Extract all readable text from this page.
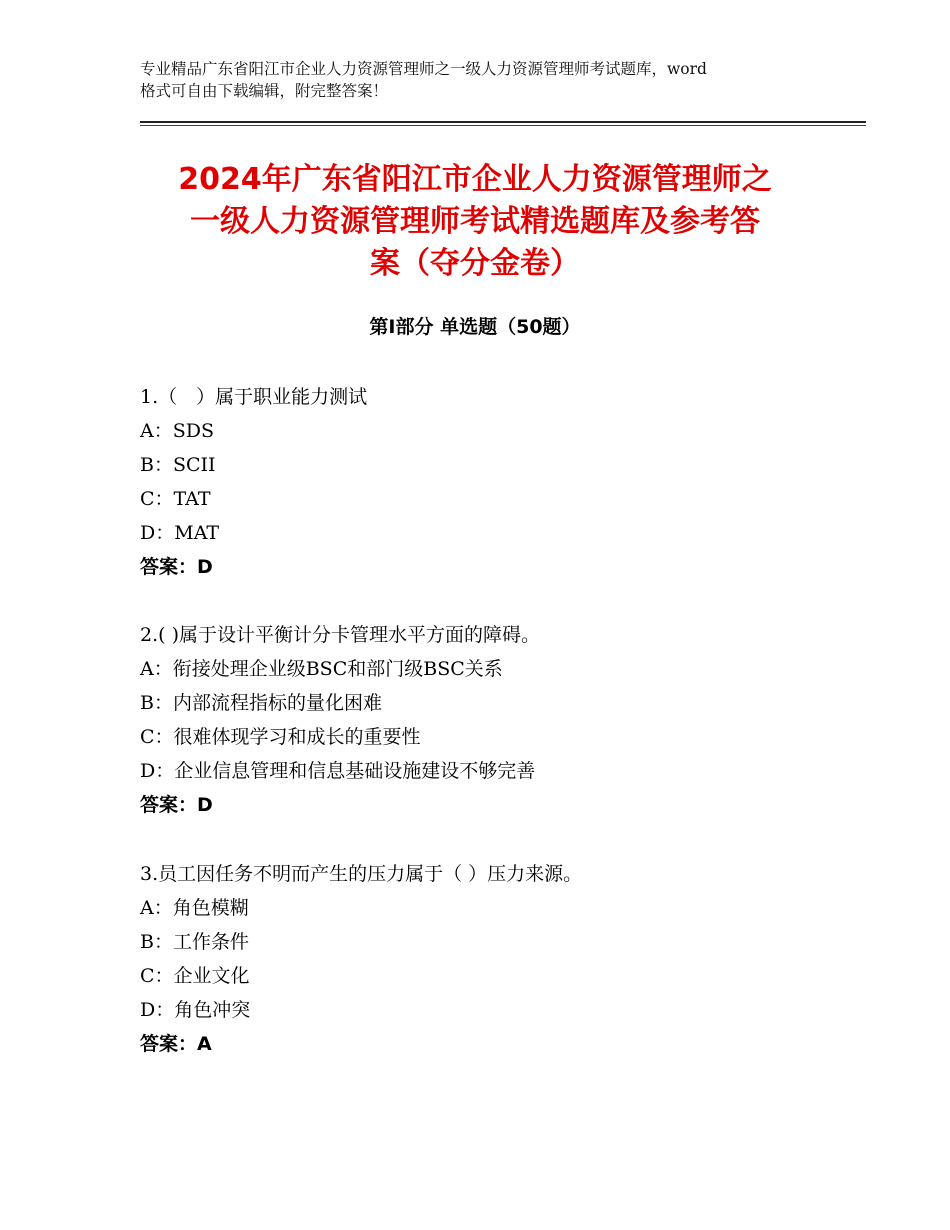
专业精品广东省阳江市企业人力资源管理师之一级人力资源管理师考试题库，word
格式可自由下载编辑，附完整答案！
2024年广东省阳江市企业人力资源管理师之
一级人力资源管理师考试精选题库及参考答
案（夺分金卷）
第Ⅰ部分 单选题（50题）
1.（　）属于职业能力测试
A：SDS
B：SCII
C：TAT
D：MAT
答案：D
2.( )属于设计平衡计分卡管理水平方面的障碍。
A：衔接处理企业级BSC和部门级BSC关系
B：内部流程指标的量化困难
C：很难体现学习和成长的重要性
D：企业信息管理和信息基础设施建设不够完善
答案：D
3.员工因任务不明而产生的压力属于（ ）压力来源。
A：角色模糊
B：工作条件
C：企业文化
D：角色冲突
答案：A
